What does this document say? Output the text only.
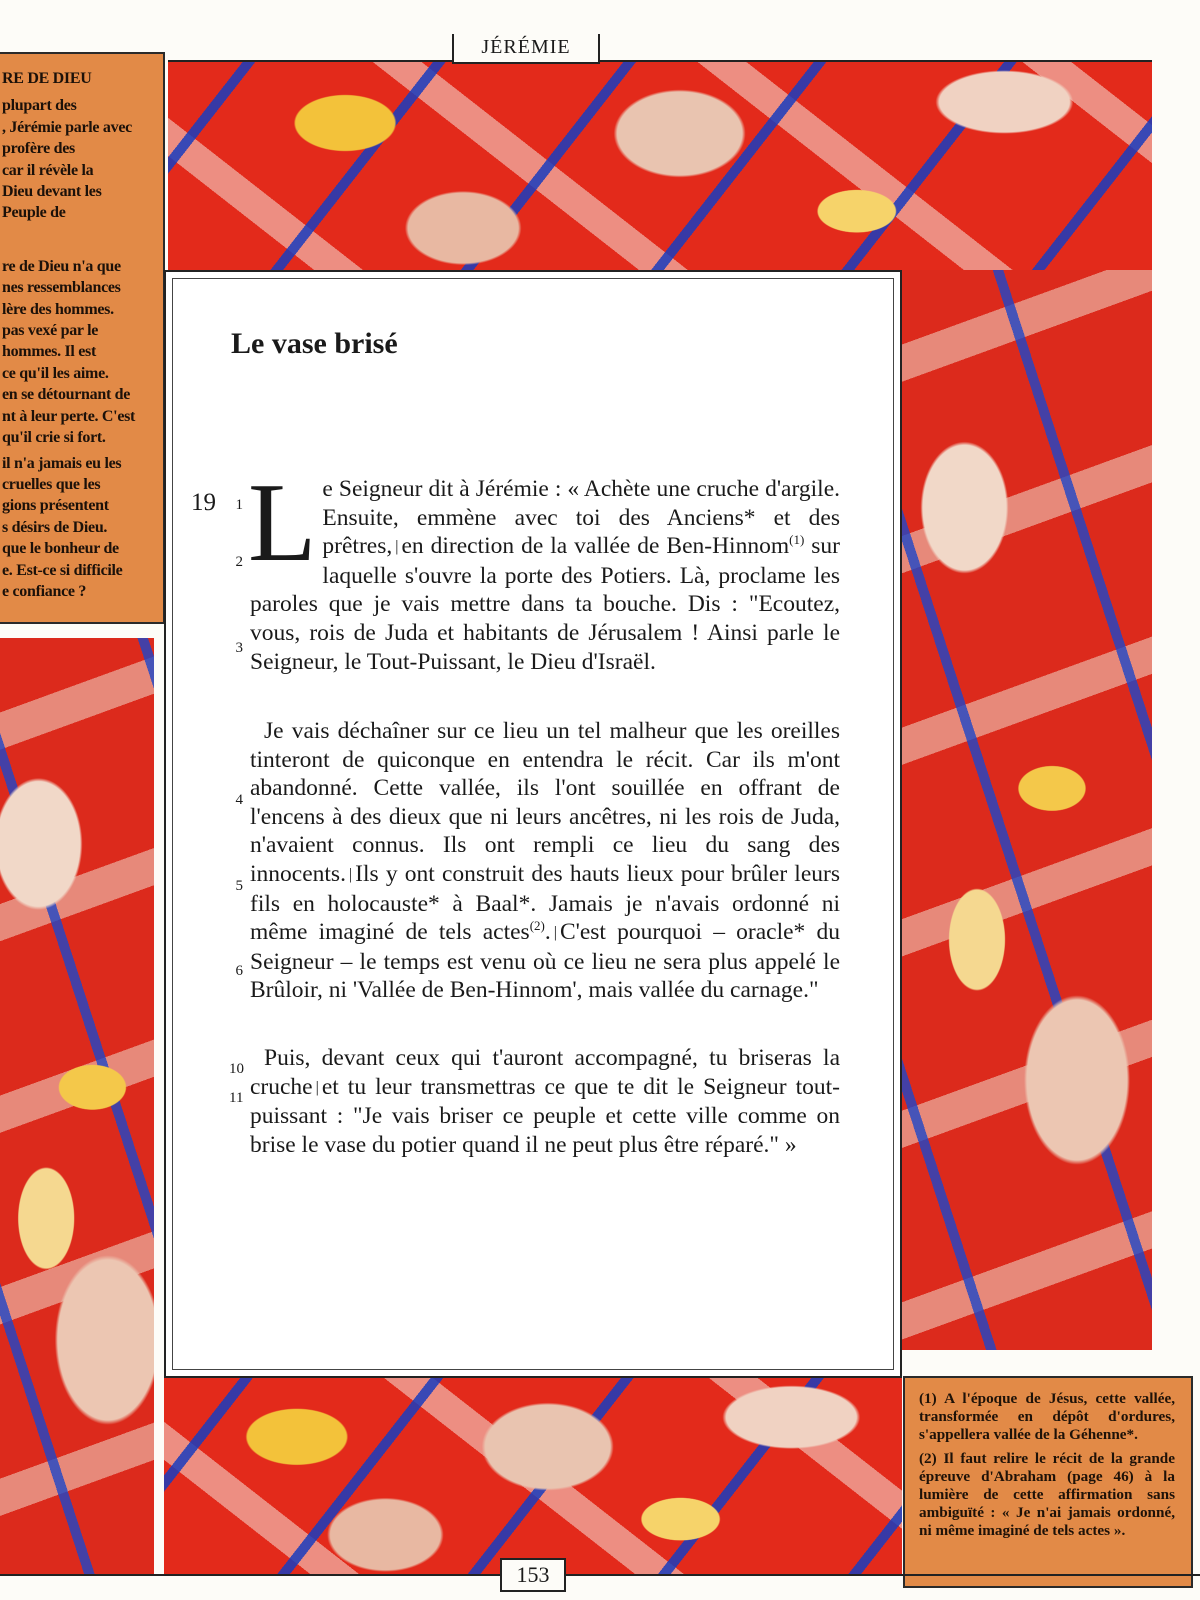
JÉRÉMIE

RE DE DIEU

plupart des

, Jérémie parle avec

profère des

car il révèle la

Dieu devant les

Peuple de

re de Dieu n'a que

nes ressemblances

lère des hommes.

pas vexé par le

hommes. Il est

ce qu'il les aime.

en se détournant de

nt à leur perte. C'est

qu'il crie si fort.

il n'a jamais eu les

cruelles que les

gions présentent

s désirs de Dieu.

que le bonheur de

e. Est-ce si difficile

e confiance ?

Le vase brisé
19	1
2
3
4
5
6
10
11

Le Seigneur dit à Jérémie : « Achète une cruche d'argile. Ensuite, emmène avec toi des Anciens* et des prêtres, | en direction de la vallée de Ben-Hinnom$^{(1)}$ sur laquelle s'ouvre la porte des Potiers. Là, proclame les paroles que je vais mettre dans ta bouche. Dis : "Ecoutez, vous, rois de Juda et habitants de Jérusalem ! Ainsi parle le Seigneur, le Tout-Puissant, le Dieu d'Israël.

Je vais déchaîner sur ce lieu un tel malheur que les oreilles tinteront de quiconque en entendra le récit. Car ils m'ont abandonné. Cette vallée, ils l'ont souillée en offrant de l'encens à des dieux que ni leurs ancêtres, ni les rois de Juda, n'avaient connus. Ils ont rempli ce lieu du sang des innocents. | Ils y ont construit des hauts lieux pour brûler leurs fils en holocauste* à Baal*. Jamais je n'avais ordonné ni même imaginé de tels actes$^{(2)}$. | C'est pourquoi – oracle* du Seigneur – le temps est venu où ce lieu ne sera plus appelé le Brûloir, ni 'Vallée de Ben-Hinnom', mais vallée du carnage."

Puis, devant ceux qui t'auront accompagné, tu briseras la cruche | et tu leur transmettras ce que te dit le Seigneur tout-puissant : "Je vais briser ce peuple et cette ville comme on brise le vase du potier quand il ne peut plus être réparé." »

(1) A l'époque de Jésus, cette vallée, transformée en dépôt d'ordures, s'appellera vallée de la Géhenne*.

(2) Il faut relire le récit de la grande épreuve d'Abraham (page 46) à la lumière de cette affirmation sans ambiguïté : « Je n'ai jamais ordonné, ni même imaginé de tels actes ».

153
